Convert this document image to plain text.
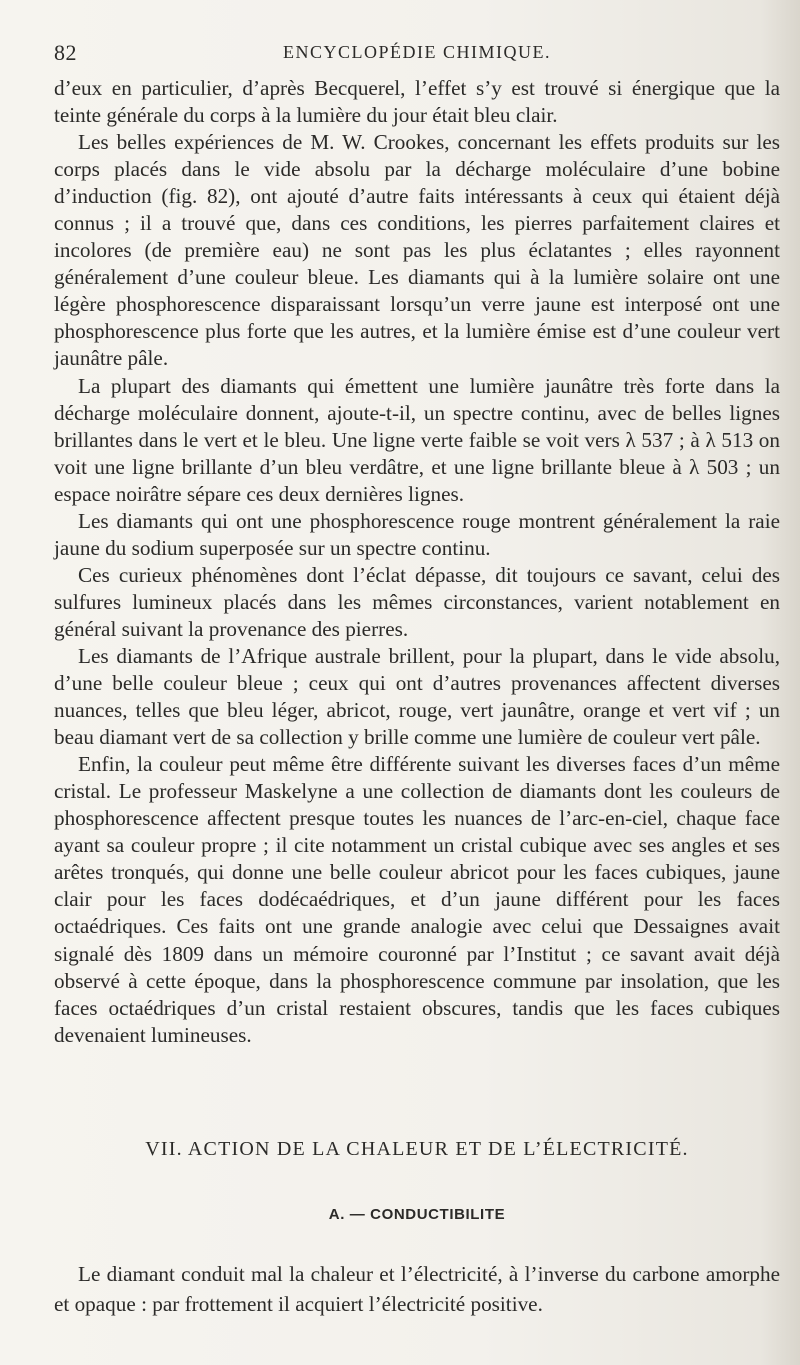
82	ENCYCLOPÉDIE CHIMIQUE.

d’eux en particulier, d’après Becquerel, l’effet s’y est trouvé si énergique que la teinte générale du corps à la lumière du jour était bleu clair.

Les belles expériences de M. W. Crookes, concernant les effets produits sur les corps placés dans le vide absolu par la décharge moléculaire d’une bobine d’induction (fig. 82), ont ajouté d’autre faits intéressants à ceux qui étaient déjà connus ; il a trouvé que, dans ces conditions, les pierres parfaitement claires et incolores (de première eau) ne sont pas les plus éclatantes ; elles rayonnent généralement d’une couleur bleue. Les diamants qui à la lumière solaire ont une légère phosphorescence disparaissant lorsqu’un verre jaune est interposé ont une phosphorescence plus forte que les autres, et la lumière émise est d’une couleur vert jaunâtre pâle.

La plupart des diamants qui émettent une lumière jaunâtre très forte dans la décharge moléculaire donnent, ajoute-t-il, un spectre continu, avec de belles lignes brillantes dans le vert et le bleu. Une ligne verte faible se voit vers λ 537 ; à λ 513 on voit une ligne brillante d’un bleu verdâtre, et une ligne brillante bleue à λ 503 ; un espace noirâtre sépare ces deux dernières lignes.

Les diamants qui ont une phosphorescence rouge montrent généralement la raie jaune du sodium superposée sur un spectre continu.

Ces curieux phénomènes dont l’éclat dépasse, dit toujours ce savant, celui des sulfures lumineux placés dans les mêmes circonstances, varient notablement en général suivant la provenance des pierres.

Les diamants de l’Afrique australe brillent, pour la plupart, dans le vide absolu, d’une belle couleur bleue ; ceux qui ont d’autres provenances affectent diverses nuances, telles que bleu léger, abricot, rouge, vert jaunâtre, orange et vert vif ; un beau diamant vert de sa collection y brille comme une lumière de couleur vert pâle.

Enfin, la couleur peut même être différente suivant les diverses faces d’un même cristal. Le professeur Maskelyne a une collection de diamants dont les couleurs de phosphorescence affectent presque toutes les nuances de l’arc-en-ciel, chaque face ayant sa couleur propre ; il cite notamment un cristal cubique avec ses angles et ses arêtes tronqués, qui donne une belle couleur abricot pour les faces cubiques, jaune clair pour les faces dodécaédriques, et d’un jaune différent pour les faces octaédriques. Ces faits ont une grande analogie avec celui que Dessaignes avait signalé dès 1809 dans un mémoire couronné par l’Institut ; ce savant avait déjà observé à cette époque, dans la phosphorescence commune par insolation, que les faces octaédriques d’un cristal restaient obscures, tandis que les faces cubiques devenaient lumineuses.

VII. ACTION DE LA CHALEUR ET DE L’ÉLECTRICITÉ.
A. — CONDUCTIBILITE

Le diamant conduit mal la chaleur et l’électricité, à l’inverse du carbone amorphe et opaque : par frottement il acquiert l’électricité positive.
